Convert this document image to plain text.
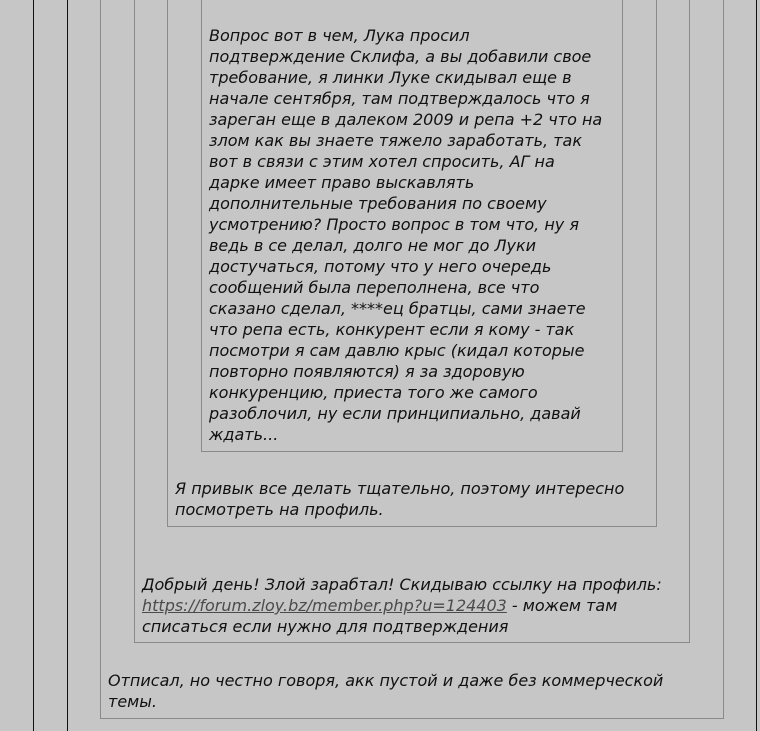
Вопрос вот в чем, Лука просил
подтверждение Склифа, а вы добавили свое
требование, я линки Луке скидывал еще в
начале сентября, там подтверждалось что я
зареган еще в далеком 2009 и репа +2 что на
злом как вы знаете тяжело заработать, так
вот в связи с этим хотел спросить, АГ на
дарке имеет право выскавлять
дополнительные требования по своему
усмотрению? Просто вопрос в том что, ну я
ведь в се делал, долго не мог до Луки
достучаться, потому что у него очередь
сообщений была переполнена, все что
сказано сделал, ****ец братцы, сами знаете
что репа есть, конкурент если я кому - так
посмотри я сам давлю крыс (кидал которые
повторно появляются) я за здоровую
конкуренцию, приеста того же самого
разоблочил, ну если принципиально, давай
ждать...

Я привык все делать тщательно, поэтому интересно
посмотреть на профиль.

Добрый день! Злой зарабтал! Скидываю ссылку на профиль:
https://forum.zloy.bz/member.php?u=124403 - можем там
списаться если нужно для подтверждения

Отписал, но честно говоря, акк пустой и даже без коммерческой
темы.
